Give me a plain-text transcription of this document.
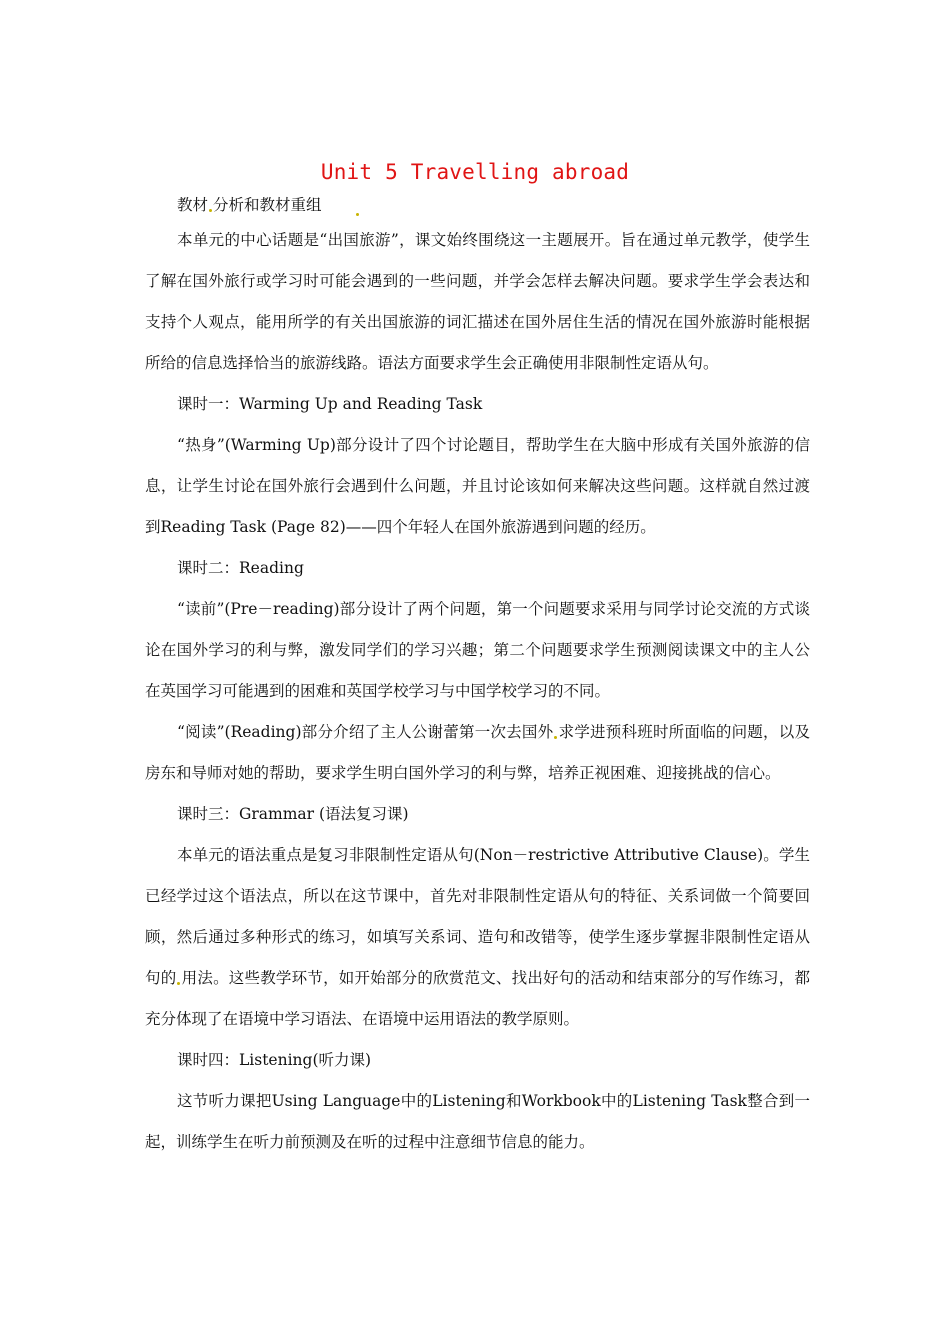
Unit 5 Travelling abroad
教材 分析和教材重组

本单元的中心话题是“出国旅游”，课文始终围绕这一主题展开。旨在通过单元教学，使学生了解在国外旅行或学习时可能会遇到的一些问题，并学会怎样去解决问题。要求学生学会表达和支持个人观点，能用所学的有关出国旅游的词汇描述在国外居住生活的情况在国外旅游时能根据所给的信息选择恰当的旅游线路。语法方面要求学生会正确使用非限制性定语从句。

课时一：Warming Up and Reading Task

“热身”(Warming Up)部分设计了四个讨论题目，帮助学生在大脑中形成有关国外旅游的信息，让学生讨论在国外旅行会遇到什么问题，并且讨论该如何来解决这些问题。这样就自然过渡到Reading Task (Page 82)——四个年轻人在国外旅游遇到问题的经历。

课时二：Reading

“读前”(Pre－reading)部分设计了两个问题，第一个问题要求采用与同学讨论交流的方式谈论在国外学习的利与弊，激发同学们的学习兴趣；第二个问题要求学生预测阅读课文中的主人公在英国学习可能遇到的困难和英国学校学习与中国学校学习的不同。

“阅读”(Reading)部分介绍了主人公谢蕾第一次去国外 求学进预科班时所面临的问题，以及房东和导师对她的帮助，要求学生明白国外学习的利与弊，培养正视困难、迎接挑战的信心。

课时三：Grammar (语法复习课)

本单元的语法重点是复习非限制性定语从句(Non－restrictive Attributive Clause)。学生已经学过这个语法点，所以在这节课中，首先对非限制性定语从句的特征、关系词做一个简要回顾，然后通过多种形式的练习，如填写关系词、造句和改错等，使学生逐步掌握非限制性定语从句的 用法。这些教学环节，如开始部分的欣赏范文、找出好句的活动和结束部分的写作练习，都充分体现了在语境中学习语法、在语境中运用语法的教学原则。

课时四：Listening(听力课)

这节听力课把Using Language中的Listening和Workbook中的Listening Task整合到一起，训练学生在听力前预测及在听的过程中注意细节信息的能力。
